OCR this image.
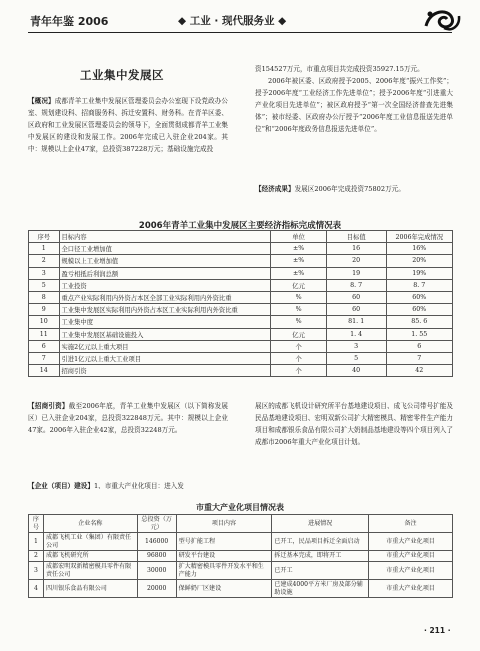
青年年鉴 2006	◆ 工业 · 现代服务业 ◆
工业集中发展区

【概况】成都青羊工业集中发展区管理委员会办公室现下设党政办公室、规划建设科、招商服务科、拆迁安置科、财务科。在青羊区委、区政府和工业发展区管理委员会的领导下，全面贯彻成都青羊工业集中发展区的建设和发展工作。2006年完成已入驻企业204家。其中：规模以上企业47家，总投资387228万元；基础设施完成投

资154527万元，市重点项目共完成投资35927.15万元。

2006年被区委、区政府授予2005、2006年度“振兴工作奖”；授予2006年度“工业经济工作先进单位”；授予2006年度“引进重大产业化项目先进单位”；被区政府授予“第一次全国经济普查先进集体”；被市经委、区政府办公厅授予“2006年度工业信息报送先进单位”和“2006年度政务信息报送先进单位”。

【经济成果】发展区2006年完成投资75802万元。

2006年青羊工业集中发展区主要经济指标完成情况表
序号	目标内容	单位	目标值	2006年完成情况
1	全口径工业增加值	±%	16	16%
2	规模以上工业增加值	±%	20	20%
3	盈亏相抵后利润总额	±%	19	19%
5	工业投资	亿元	8. 7	8. 7
8	重点产业实际利用内外资占本区全部工业实际利用内外资比重	%	60	60%
9	工业集中发展区实际利用内外资占本区工业实际利用内外资比重	%	60	60%
10	工业集中度	%	81. 1	85. 6
11	工业集中发展区基础设施投入	亿元	1. 4	1. 55
6	实施2亿元以上重大项目	个	3	6
7	引进1亿元以上重大工业项目	个	5	7
14	招商引资	个	40	42

【招商引资】截至2006年底，青羊工业集中发展区（以下简称发展区）已入驻企业204家，总投资322848万元。其中：规模以上企业47家。2006年入驻企业42家，总投资32248万元。

展区的成都飞机设计研究所平台基地建设项目、成飞公司带号扩能及民品基地建设项目、宏明双新公司扩大精密模具、精密零件生产能力项目和成都银乐食品有限公司扩大奶制品基地建设等四个项目列入了成都市2006年重大产业化项目计划。

【企业（项目）建设】1、市重大产业化项目：进入发

市重大产业化项目情况表
序号	企业名称	总投资（万元）	项目内容	进展情况	备注
1	成都飞机工业（集团）有限责任公司	146000	型号扩能工程	已开工，民品项目拆迁全面启动	市重大产业化项目
2	成都飞机研究所	96800	研发平台建设	拆迁基本完成，即将开工	市重大产业化项目
3	成都宏明双新精密模具零件有限责任公司	30000	扩大精密模具零件开发水平和生产能力	已开工	市重大产业化项目
4	四川银乐食品有限公司	20000	保鲜奶厂区建设	已建成4000平方米厂房及部分辅助设施	市重大产业化项目
· 211 ·
